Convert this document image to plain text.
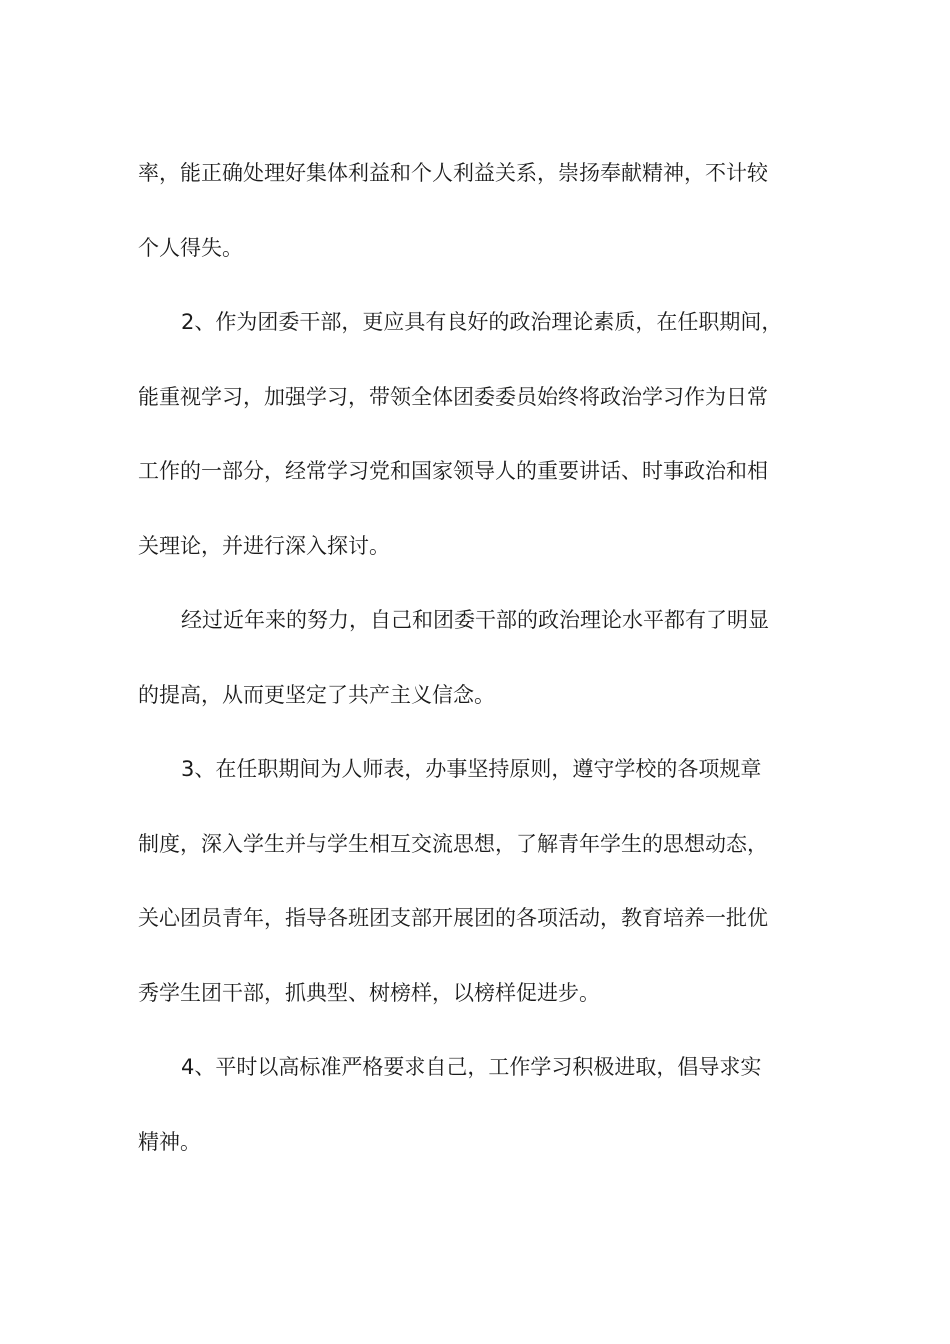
率，能正确处理好集体利益和个人利益关系，崇扬奉献精神，不计较
个人得失。

2、作为团委干部，更应具有良好的政治理论素质，在任职期间，
能重视学习，加强学习，带领全体团委委员始终将政治学习作为日常
工作的一部分，经常学习党和国家领导人的重要讲话、时事政治和相
关理论，并进行深入探讨。

经过近年来的努力，自己和团委干部的政治理论水平都有了明显
的提高，从而更坚定了共产主义信念。

3、在任职期间为人师表，办事坚持原则，遵守学校的各项规章
制度，深入学生并与学生相互交流思想，了解青年学生的思想动态，
关心团员青年，指导各班团支部开展团的各项活动，教育培养一批优
秀学生团干部，抓典型、树榜样，以榜样促进步。

4、平时以高标准严格要求自己，工作学习积极进取，倡导求实
精神。
